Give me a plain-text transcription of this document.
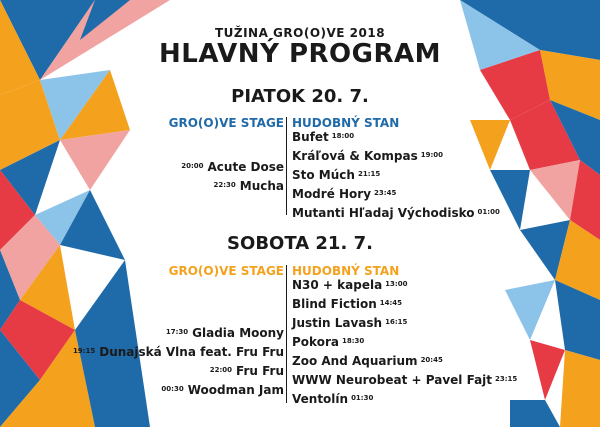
TUŽINA GRO(O)VE 2018
HLAVNÝ PROGRAM
PIATOK 20. 7.
GRO(O)VE STAGE HUDOBNÝ STAN
$^{20:00}$ Acute Dose
$^{22:30}$ Mucha
Bufet $^{18:00}$
Kráľová & Kompas $^{19:00}$
Sto Múch $^{21:15}$
Modré Hory $^{23:45}$
Mutanti Hľadaj Východisko $^{01:00}$
SOBOTA 21. 7.
GRO(O)VE STAGE HUDOBNÝ STAN
$^{17:30}$ Gladia Moony
$^{19:15}$ Dunajská Vlna feat. Fru Fru
$^{22:00}$ Fru Fru
$^{00:30}$ Woodman Jam
N30 + kapela $^{13:00}$
Blind Fiction $^{14:45}$
Justin Lavash $^{16:15}$
Pokora $^{18:30}$
Zoo And Aquarium $^{20:45}$
WWW Neurobeat + Pavel Fajt $^{23:15}$
Ventolín $^{01:30}$
